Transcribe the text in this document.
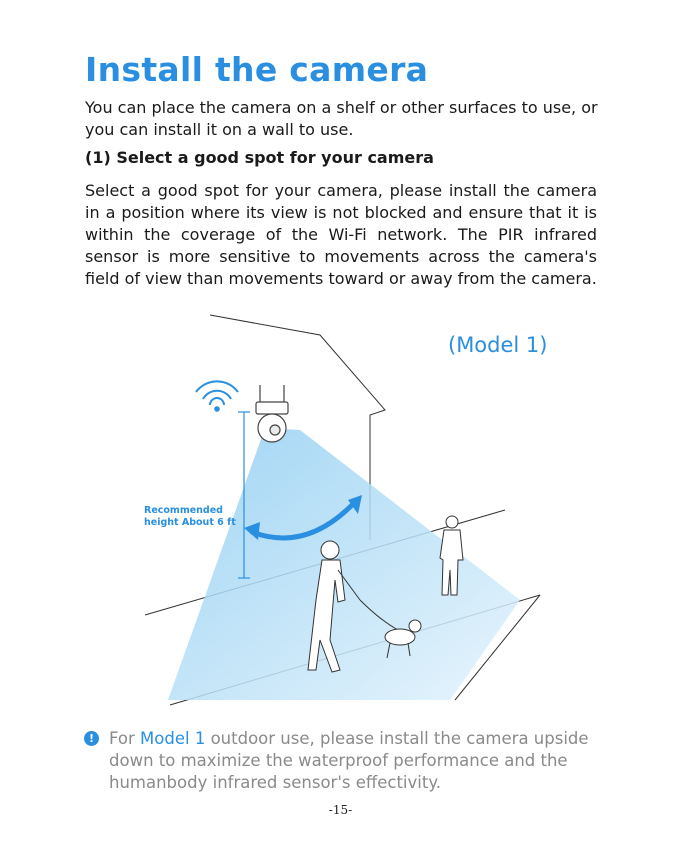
Install the camera
You can place the camera on a shelf or other surfaces to use, or you can install it on a wall to use.
(1) Select a good spot for your camera
Select a good spot for your camera, please install the camera in a position where its view is not blocked and ensure that it is within the coverage of the Wi-Fi network. The PIR infrared sensor is more sensitive to movements across the camera's field of view than movements toward or away from the camera.
(Model 1)
Recommended
height About 6 ft
! For Model 1 outdoor use, please install the camera upside down to maximize the waterproof performance and the humanbody infrared sensor's effectivity.
-15-
